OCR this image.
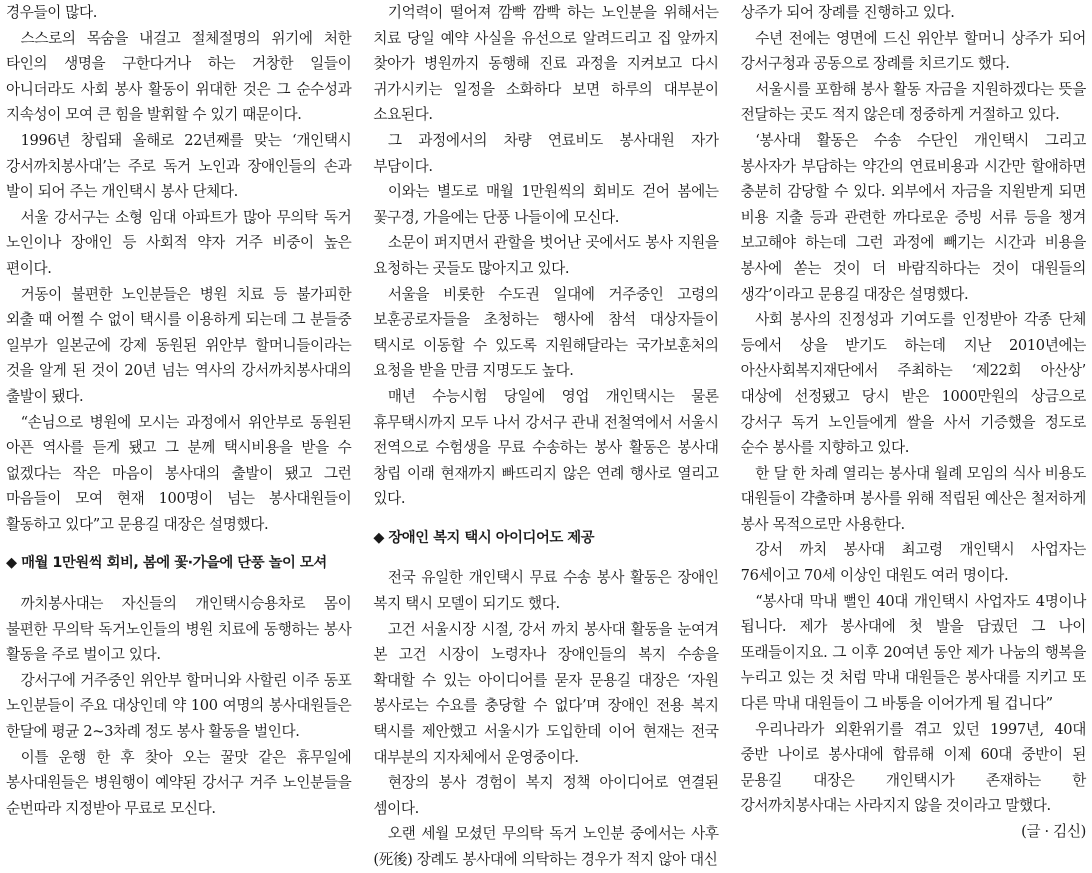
경우들이 많다.

스스로의 목숨을 내걸고 절체절명의 위기에 처한 타인의 생명을 구한다거나 하는 거창한 일들이 아니더라도 사회 봉사 활동이 위대한 것은 그 순수성과 지속성이 모여 큰 힘을 발휘할 수 있기 때문이다.

1996년 창립돼 올해로 22년째를 맞는 ‘개인택시 강서까치봉사대’는 주로 독거 노인과 장애인들의 손과 발이 되어 주는 개인택시 봉사 단체다.

서울 강서구는 소형 임대 아파트가 많아 무의탁 독거 노인이나 장애인 등 사회적 약자 거주 비중이 높은 편이다.

거동이 불편한 노인분들은 병원 치료 등 불가피한 외출 때 어쩔 수 없이 택시를 이용하게 되는데 그 분들중 일부가 일본군에 강제 동원된 위안부 할머니들이라는 것을 알게 된 것이 20년 넘는 역사의 강서까치봉사대의 출발이 됐다.

“손님으로 병원에 모시는 과정에서 위안부로 동원된 아픈 역사를 듣게 됐고 그 분께 택시비용을 받을 수 없겠다는 작은 마음이 봉사대의 출발이 됐고 그런 마음들이 모여 현재 100명이 넘는 봉사대원들이 활동하고 있다”고 문용길 대장은 설명했다.

◆ 매월 1만원씩 회비, 봄에 꽃·가을에 단풍 놀이 모셔

까치봉사대는 자신들의 개인택시승용차로 몸이 불편한 무의탁 독거노인들의 병원 치료에 동행하는 봉사 활동을 주로 벌이고 있다.

강서구에 거주중인 위안부 할머니와 사할린 이주 동포 노인분들이 주요 대상인데 약 100 여명의 봉사대원들은 한달에 평균 2~3차례 정도 봉사 활동을 벌인다.

이틀 운행 한 후 찾아 오는 꿀맛 같은 휴무일에 봉사대원들은 병원행이 예약된 강서구 거주 노인분들을 순번따라 지정받아 무료로 모신다.

기억력이 떨어져 깜빡 깜빡 하는 노인분을 위해서는 치료 당일 예약 사실을 유선으로 알려드리고 집 앞까지 찾아가 병원까지 동행해 진료 과정을 지켜보고 다시 귀가시키는 일정을 소화하다 보면 하루의 대부분이 소요된다.

그 과정에서의 차량 연료비도 봉사대원 자가 부담이다.

이와는 별도로 매월 1만원씩의 회비도 걷어 봄에는 꽃구경, 가을에는 단풍 나들이에 모신다.

소문이 퍼지면서 관할을 벗어난 곳에서도 봉사 지원을 요청하는 곳들도 많아지고 있다.

서울을 비롯한 수도권 일대에 거주중인 고령의 보훈공로자들을 초청하는 행사에 참석 대상자들이 택시로 이동할 수 있도록 지원해달라는 국가보훈처의 요청을 받을 만큼 지명도도 높다.

매년 수능시험 당일에 영업 개인택시는 물론 휴무택시까지 모두 나서 강서구 관내 전철역에서 서울시 전역으로 수험생을 무료 수송하는 봉사 활동은 봉사대 창립 이래 현재까지 빠뜨리지 않은 연례 행사로 열리고 있다.

◆ 장애인 복지 택시 아이디어도 제공

전국 유일한 개인택시 무료 수송 봉사 활동은 장애인 복지 택시 모델이 되기도 했다.

고건 서울시장 시절, 강서 까치 봉사대 활동을 눈여겨 본 고건 시장이 노령자나 장애인들의 복지 수송을 확대할 수 있는 아이디어를 묻자 문용길 대장은 ‘자원 봉사로는 수요를 충당할 수 없다’며 장애인 전용 복지 택시를 제안했고 서울시가 도입한데 이어 현재는 전국 대부분의 지자체에서 운영중이다.

현장의 봉사 경험이 복지 정책 아이디어로 연결된 셈이다.

오랜 세월 모셨던 무의탁 독거 노인분 중에서는 사후(死後) 장례도 봉사대에 의탁하는 경우가 적지 않아 대신

상주가 되어 장례를 진행하고 있다.

수년 전에는 영면에 드신 위안부 할머니 상주가 되어 강서구청과 공동으로 장례를 치르기도 했다.

서울시를 포함해 봉사 활동 자금을 지원하겠다는 뜻을 전달하는 곳도 적지 않은데 정중하게 거절하고 있다.

‘봉사대 활동은 수송 수단인 개인택시 그리고 봉사자가 부담하는 약간의 연료비용과 시간만 할애하면 충분히 감당할 수 있다. 외부에서 자금을 지원받게 되면 비용 지출 등과 관련한 까다로운 증빙 서류 등을 챙겨 보고해야 하는데 그런 과정에 빼기는 시간과 비용을 봉사에 쏟는 것이 더 바람직하다는 것이 대원들의 생각’이라고 문용길 대장은 설명했다.

사회 봉사의 진정성과 기여도를 인정받아 각종 단체 등에서 상을 받기도 하는데 지난 2010년에는 아산사회복지재단에서 주최하는 ‘제22회 아산상’ 대상에 선정됐고 당시 받은 1000만원의 상금으로 강서구 독거 노인들에게 쌀을 사서 기증했을 정도로 순수 봉사를 지향하고 있다.

한 달 한 차례 열리는 봉사대 월례 모임의 식사 비용도 대원들이 갹출하며 봉사를 위해 적립된 예산은 철저하게 봉사 목적으로만 사용한다.

강서 까치 봉사대 최고령 개인택시 사업자는 76세이고 70세 이상인 대원도 여러 명이다.

“봉사대 막내 뻘인 40대 개인택시 사업자도 4명이나 됩니다. 제가 봉사대에 첫 발을 담궜던 그 나이 또래들이지요. 그 이후 20여년 동안 제가 나눔의 행복을 누리고 있는 것 처럼 막내 대원들은 봉사대를 지키고 또 다른 막내 대원들이 그 바통을 이어가게 될 겁니다”

우리나라가 외환위기를 겪고 있던 1997년, 40대 중반 나이로 봉사대에 합류해 이제 60대 중반이 된 문용길 대장은 개인택시가 존재하는 한 강서까치봉사대는 사라지지 않을 것이라고 말했다.
(글 · 김신)
